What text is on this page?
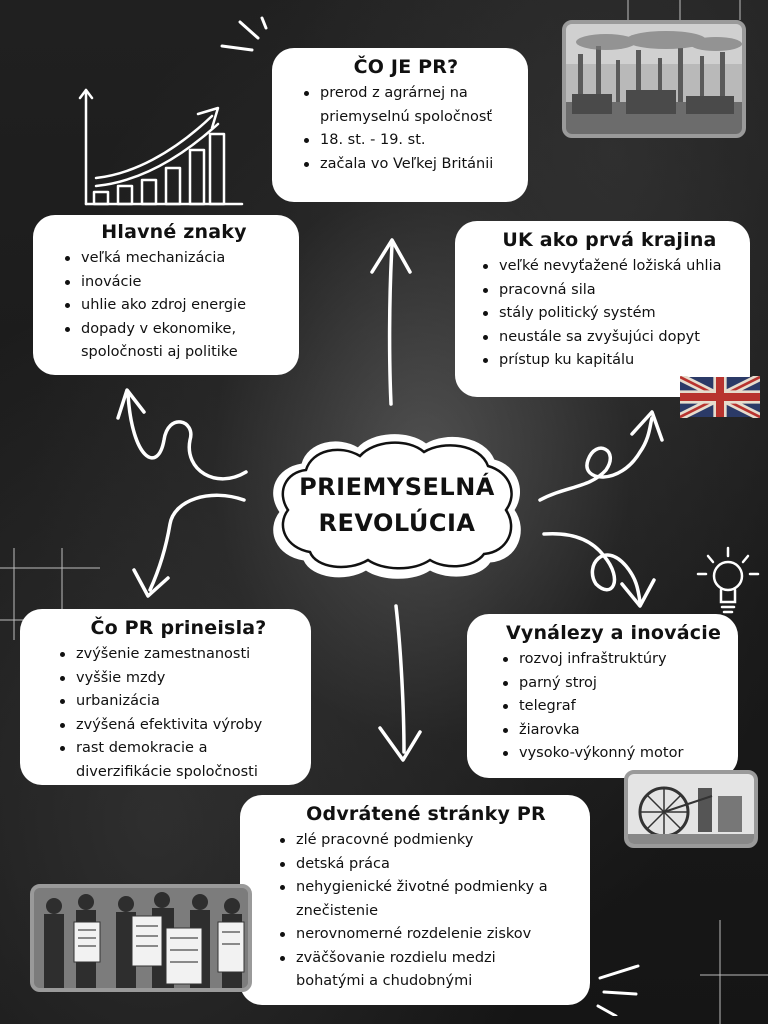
PRIEMYSELNÁ
REVOLÚCIA
ČO JE PR?
prerod z agrárnej na
priemyselnú spoločnosť
18. st. - 19. st.
začala vo Veľkej Británii
Hlavné znaky
veľká mechanizácia
inovácie
uhlie ako zdroj energie
dopady v ekonomike,
spoločnosti aj politike
UK ako prvá krajina
veľké nevyťažené ložiská uhlia
pracovná sila
stály politický systém
neustále sa zvyšujúci dopyt
prístup ku kapitálu
Čo PR prineisla?
zvýšenie zamestnanosti
vyššie mzdy
urbanizácia
zvýšená efektivita výroby
rast demokracie a
diverzifikácie spoločnosti
Vynálezy a inovácie
rozvoj infraštruktúry
parný stroj
telegraf
žiarovka
vysoko-výkonný motor
Odvrátené stránky PR
zlé pracovné podmienky
detská práca
nehygienické životné podmienky a
znečistenie
nerovnomerné rozdelenie ziskov
zväčšovanie rozdielu medzi
bohatými a chudobnými
